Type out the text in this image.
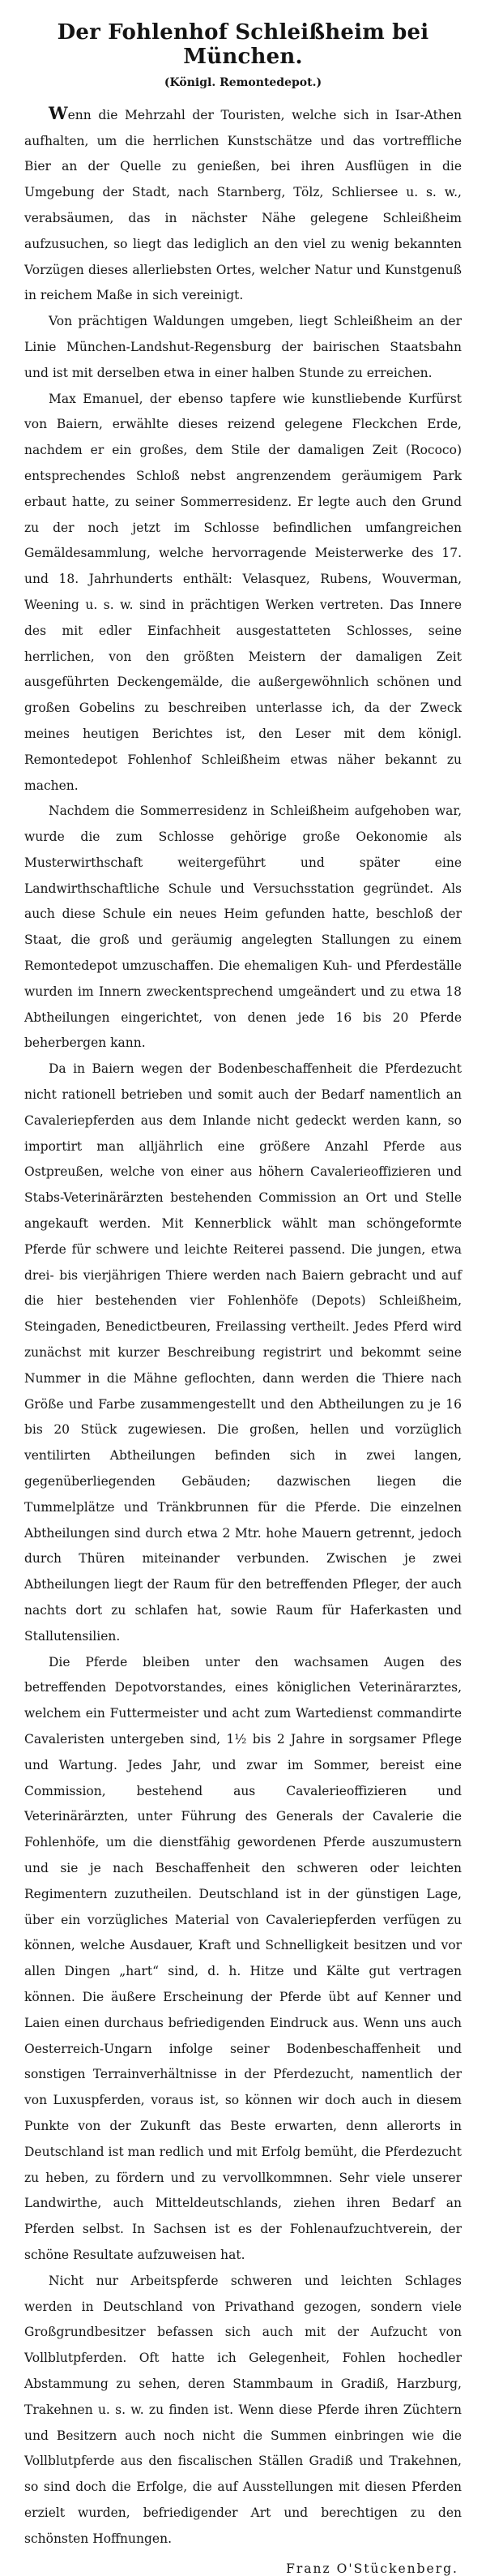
Der Fohlenhof Schleißheim bei München.
(Königl. Remontedepot.)

Wenn die Mehrzahl der Touristen, welche sich in Isar-Athen aufhalten, um die herrlichen Kunstschätze und das vortreffliche Bier an der Quelle zu genießen, bei ihren Ausflügen in die Umgebung der Stadt, nach Starnberg, Tölz, Schliersee u. s. w., verabsäumen, das in nächster Nähe gelegene Schleißheim aufzusuchen, so liegt das lediglich an den viel zu wenig bekannten Vorzügen dieses allerliebsten Ortes, welcher Natur und Kunstgenuß in reichem Maße in sich vereinigt.

Von prächtigen Waldungen umgeben, liegt Schleißheim an der Linie München-Landshut-Regensburg der bairischen Staatsbahn und ist mit derselben etwa in einer halben Stunde zu erreichen.

Max Emanuel, der ebenso tapfere wie kunstliebende Kurfürst von Baiern, erwählte dieses reizend gelegene Fleckchen Erde, nachdem er ein großes, dem Stile der damaligen Zeit (Rococo) entsprechendes Schloß nebst angrenzendem geräumigem Park erbaut hatte, zu seiner Sommerresidenz. Er legte auch den Grund zu der noch jetzt im Schlosse befindlichen umfangreichen Gemäldesammlung, welche hervorragende Meisterwerke des 17. und 18. Jahrhunderts enthält: Velasquez, Rubens, Wouverman, Weening u. s. w. sind in prächtigen Werken vertreten. Das Innere des mit edler Einfachheit ausgestatteten Schlosses, seine herrlichen, von den größten Meistern der damaligen Zeit ausgeführten Deckengemälde, die außergewöhnlich schönen und großen Gobelins zu beschreiben unterlasse ich, da der Zweck meines heutigen Berichtes ist, den Leser mit dem königl. Remontedepot Fohlenhof Schleißheim etwas näher bekannt zu machen.

Nachdem die Sommerresidenz in Schleißheim aufgehoben war, wurde die zum Schlosse gehörige große Oekonomie als Musterwirthschaft weitergeführt und später eine Landwirthschaftliche Schule und Versuchsstation gegründet. Als auch diese Schule ein neues Heim gefunden hatte, beschloß der Staat, die groß und geräumig angelegten Stallungen zu einem Remontedepot umzuschaffen. Die ehemaligen Kuh- und Pferdeställe wurden im Innern zweckentsprechend umgeändert und zu etwa 18 Abtheilungen eingerichtet, von denen jede 16 bis 20 Pferde beherbergen kann.

Da in Baiern wegen der Bodenbeschaffenheit die Pferdezucht nicht rationell betrieben und somit auch der Bedarf namentlich an Cavaleriepferden aus dem Inlande nicht gedeckt werden kann, so importirt man alljährlich eine größere Anzahl Pferde aus Ostpreußen, welche von einer aus höhern Cavalerieoffizieren und Stabs-Veterinärärzten bestehenden Commission an Ort und Stelle angekauft werden. Mit Kennerblick wählt man schöngeformte Pferde für schwere und leichte Reiterei passend. Die jungen, etwa drei- bis vierjährigen Thiere werden nach Baiern gebracht und auf die hier bestehenden vier Fohlenhöfe (Depots) Schleißheim, Steingaden, Benedictbeuren, Freilassing vertheilt. Jedes Pferd wird zunächst mit kurzer Beschreibung registrirt und bekommt seine Nummer in die Mähne geflochten, dann werden die Thiere nach Größe und Farbe zusammengestellt und den Abtheilungen zu je 16 bis 20 Stück zugewiesen. Die großen, hellen und vorzüglich ventilirten Abtheilungen befinden sich in zwei langen, gegenüberliegenden Gebäuden; dazwischen liegen die Tummelplätze und Tränkbrunnen für die Pferde. Die einzelnen Abtheilungen sind durch etwa 2 Mtr. hohe Mauern getrennt, jedoch durch Thüren miteinander verbunden. Zwischen je zwei Abtheilungen liegt der Raum für den betreffenden Pfleger, der auch nachts dort zu schlafen hat, sowie Raum für Haferkasten und Stallutensilien.

Die Pferde bleiben unter den wachsamen Augen des betreffenden Depotvorstandes, eines königlichen Veterinärarztes, welchem ein Futtermeister und acht zum Wartedienst commandirte Cavaleristen untergeben sind, 1½ bis 2 Jahre in sorgsamer Pflege und Wartung. Jedes Jahr, und zwar im Sommer, bereist eine Commission, bestehend aus Cavalerieoffizieren und Veterinärärzten, unter Führung des Generals der Cavalerie die Fohlenhöfe, um die dienstfähig gewordenen Pferde auszumustern und sie je nach Beschaffenheit den schweren oder leichten Regimentern zuzutheilen. Deutschland ist in der günstigen Lage, über ein vorzügliches Material von Cavaleriepferden verfügen zu können, welche Ausdauer, Kraft und Schnelligkeit besitzen und vor allen Dingen „hart“ sind, d. h. Hitze und Kälte gut vertragen können. Die äußere Erscheinung der Pferde übt auf Kenner und Laien einen durchaus befriedigenden Eindruck aus. Wenn uns auch Oesterreich-Ungarn infolge seiner Bodenbeschaffenheit und sonstigen Terrainverhältnisse in der Pferdezucht, namentlich der von Luxuspferden, voraus ist, so können wir doch auch in diesem Punkte von der Zukunft das Beste erwarten, denn allerorts in Deutschland ist man redlich und mit Erfolg bemüht, die Pferdezucht zu heben, zu fördern und zu vervollkommnen. Sehr viele unserer Landwirthe, auch Mitteldeutschlands, ziehen ihren Bedarf an Pferden selbst. In Sachsen ist es der Fohlenaufzuchtverein, der schöne Resultate aufzuweisen hat.

Nicht nur Arbeitspferde schweren und leichten Schlages werden in Deutschland von Privathand gezogen, sondern viele Großgrundbesitzer befassen sich auch mit der Aufzucht von Vollblutpferden. Oft hatte ich Gelegenheit, Fohlen hochedler Abstammung zu sehen, deren Stammbaum in Gradiß, Harzburg, Trakehnen u. s. w. zu finden ist. Wenn diese Pferde ihren Züchtern und Besitzern auch noch nicht die Summen einbringen wie die Vollblutpferde aus den fiscalischen Ställen Gradiß und Trakehnen, so sind doch die Erfolge, die auf Ausstellungen mit diesen Pferden erzielt wurden, befriedigender Art und berechtigen zu den schönsten Hoffnungen.

Franz O'Stückenberg.
